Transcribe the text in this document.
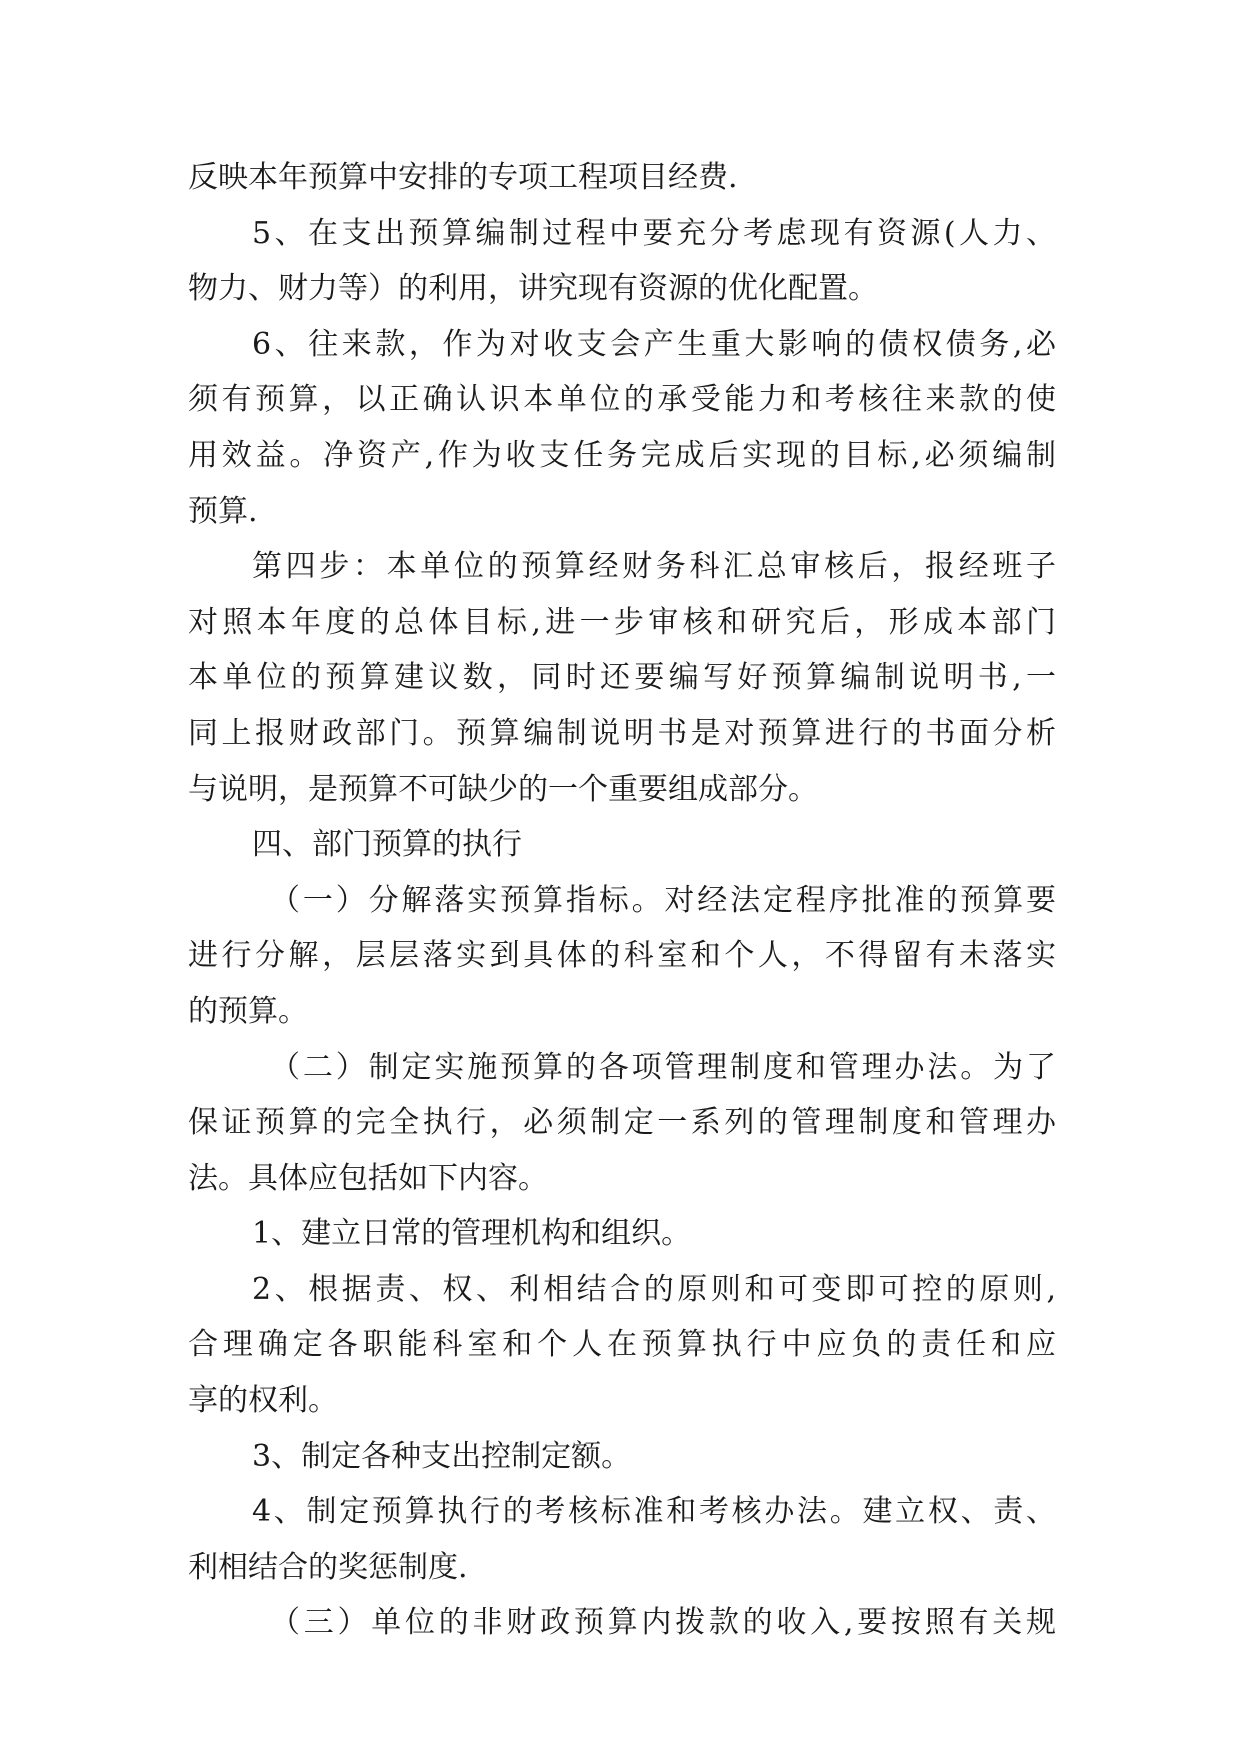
反映本年预算中安排的专项工程项目经费.
5、在支出预算编制过程中要充分考虑现有资源(人力、
物力、财力等）的利用，讲究现有资源的优化配置。
6、往来款，作为对收支会产生重大影响的债权债务,必
须有预算，以正确认识本单位的承受能力和考核往来款的使
用效益。净资产,作为收支任务完成后实现的目标,必须编制
预算.
第四步：本单位的预算经财务科汇总审核后，报经班子
对照本年度的总体目标,进一步审核和研究后，形成本部门
本单位的预算建议数，同时还要编写好预算编制说明书,一
同上报财政部门。预算编制说明书是对预算进行的书面分析
与说明，是预算不可缺少的一个重要组成部分。
四、部门预算的执行
（一）分解落实预算指标。对经法定程序批准的预算要
进行分解，层层落实到具体的科室和个人，不得留有未落实
的预算。
（二）制定实施预算的各项管理制度和管理办法。为了
保证预算的完全执行，必须制定一系列的管理制度和管理办
法。具体应包括如下内容。
1、建立日常的管理机构和组织。
2、根据责、权、利相结合的原则和可变即可控的原则,
合理确定各职能科室和个人在预算执行中应负的责任和应
享的权利。
3、制定各种支出控制定额。
4、制定预算执行的考核标准和考核办法。建立权、责、
利相结合的奖惩制度.
（三）单位的非财政预算内拨款的收入,要按照有关规
